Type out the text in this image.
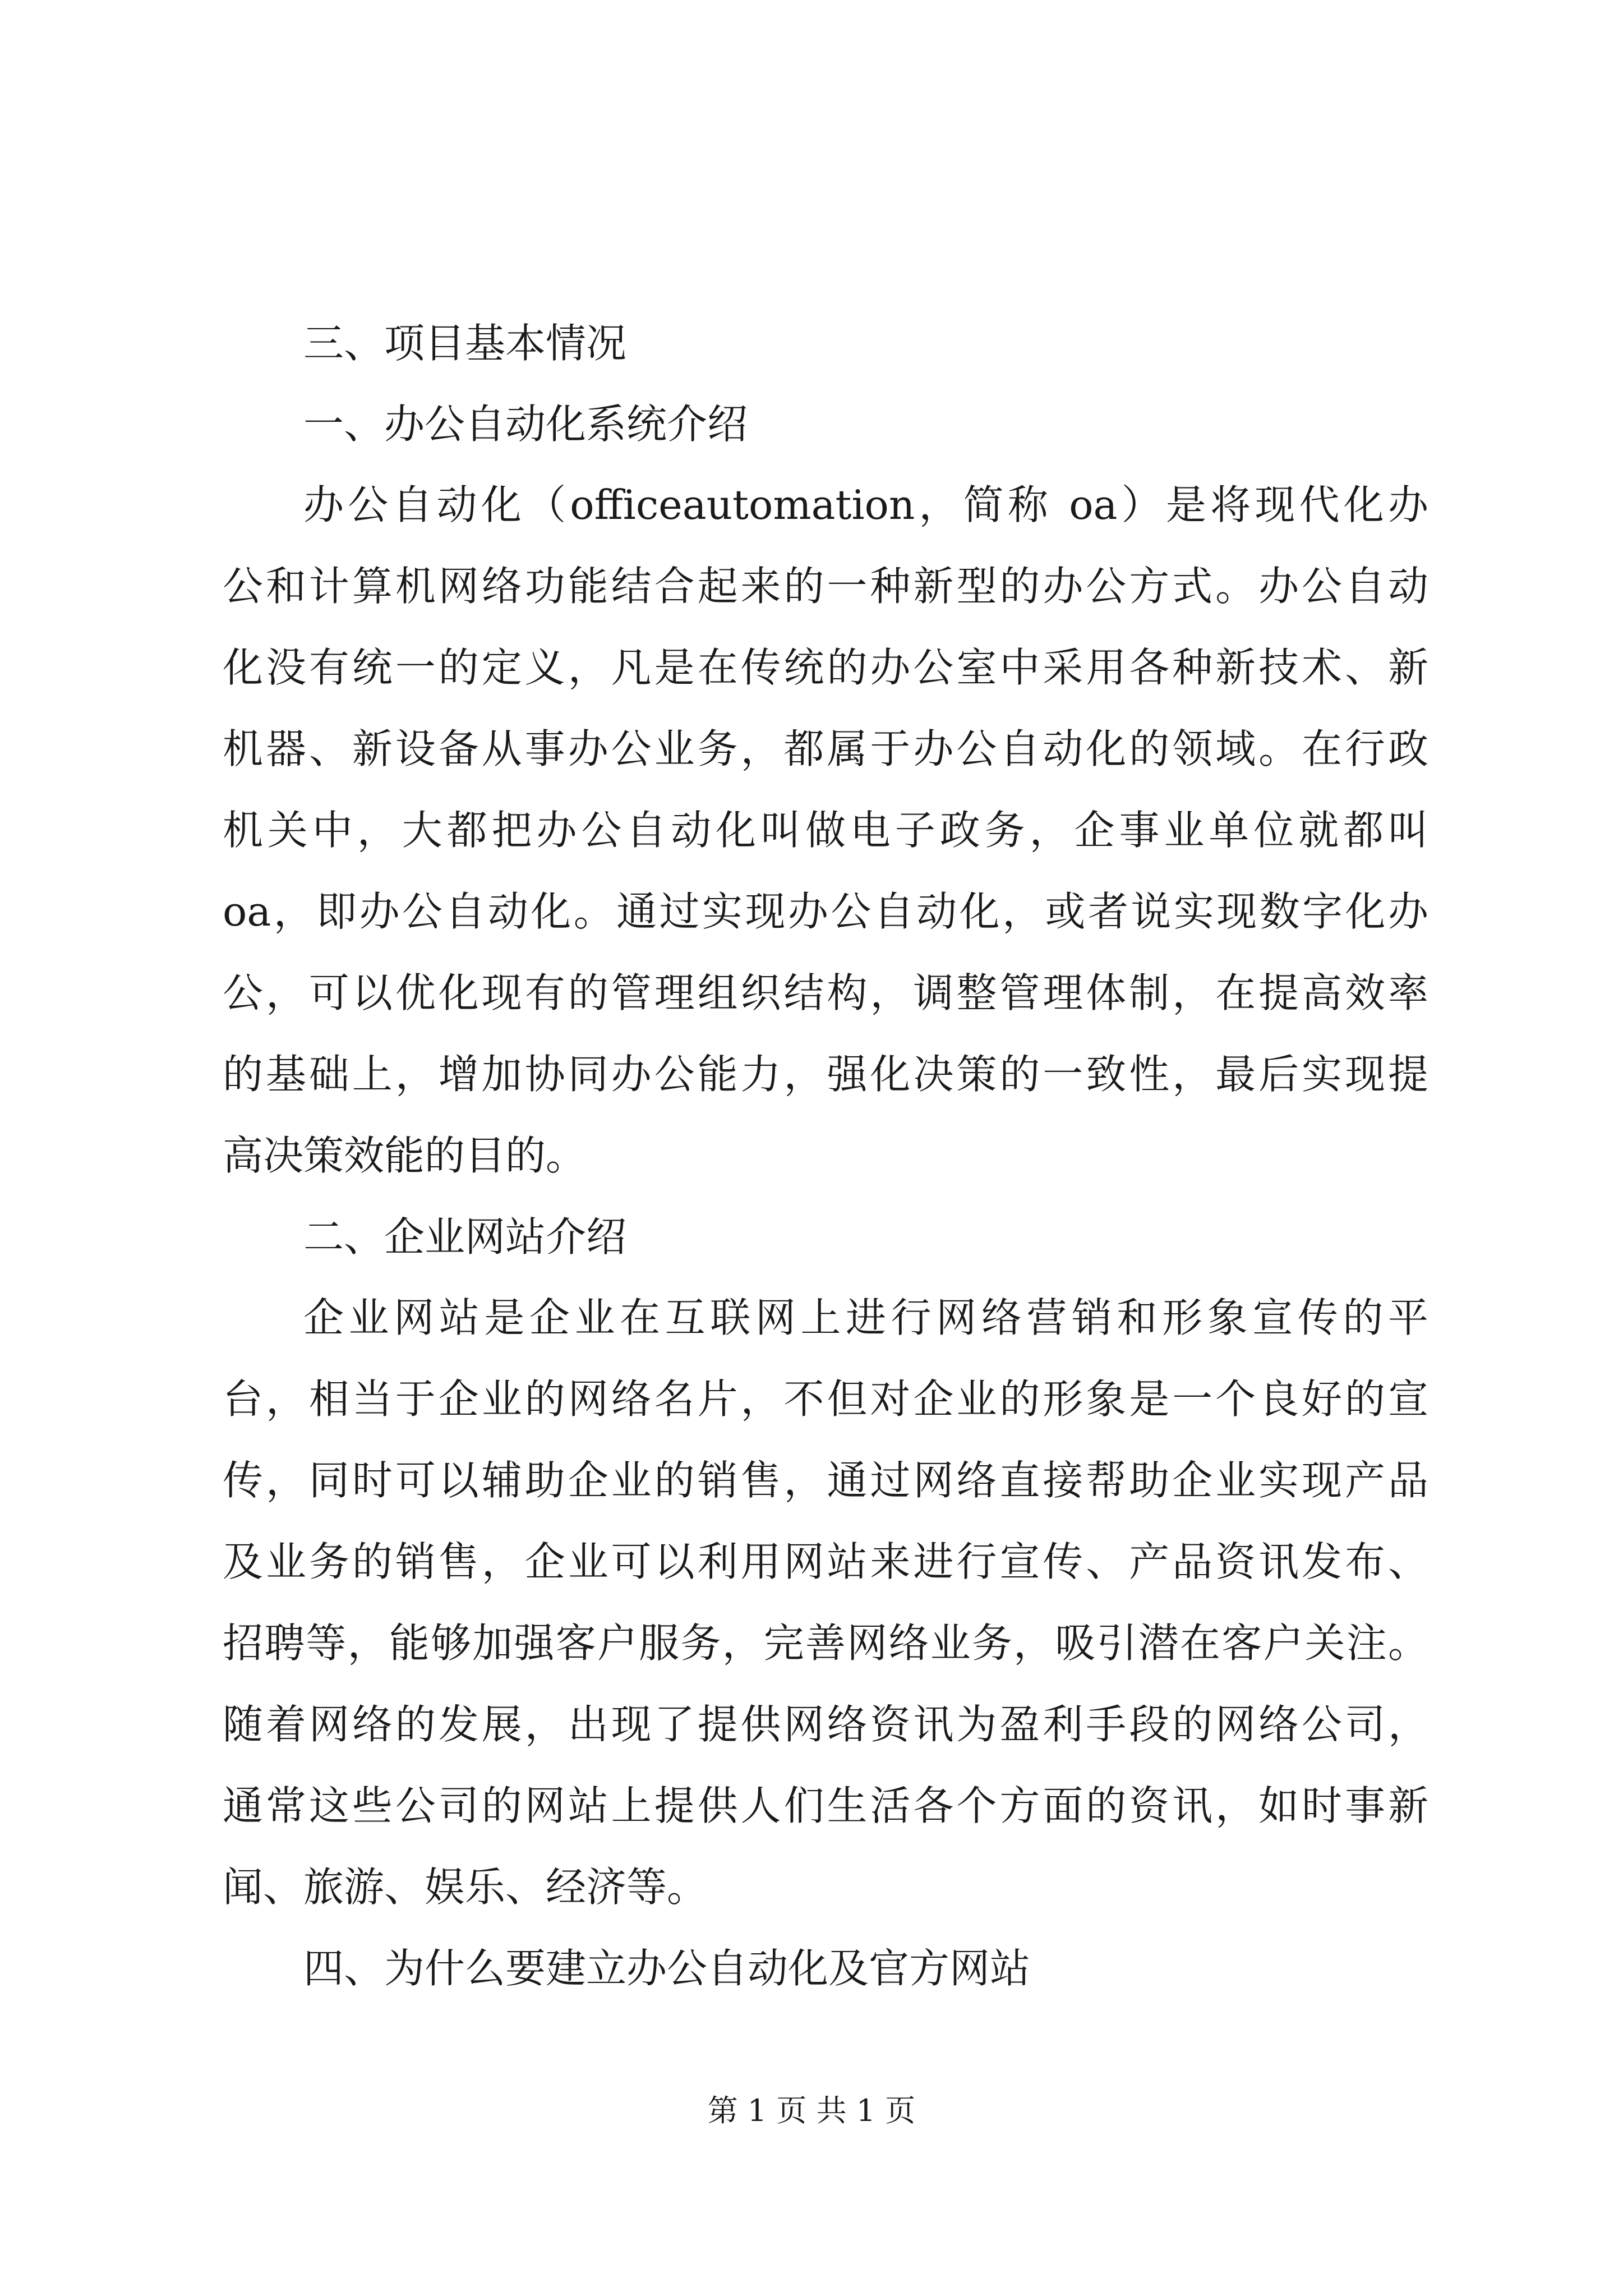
三、项目基本情况

一、办公自动化系统介绍

办公自动化（officeautomation，简称 oa）是将现代化办
公和计算机网络功能结合起来的一种新型的办公方式。办公自动
化没有统一的定义，凡是在传统的办公室中采用各种新技术、新
机器、新设备从事办公业务，都属于办公自动化的领域。在行政
机关中，大都把办公自动化叫做电子政务，企事业单位就都叫
oa，即办公自动化。通过实现办公自动化，或者说实现数字化办
公，可以优化现有的管理组织结构，调整管理体制，在提高效率
的基础上，增加协同办公能力，强化决策的一致性，最后实现提
高决策效能的目的。

二、企业网站介绍

企业网站是企业在互联网上进行网络营销和形象宣传的平
台，相当于企业的网络名片，不但对企业的形象是一个良好的宣
传，同时可以辅助企业的销售，通过网络直接帮助企业实现产品
及业务的销售，企业可以利用网站来进行宣传、产品资讯发布、
招聘等，能够加强客户服务，完善网络业务，吸引潜在客户关注。
随着网络的发展，出现了提供网络资讯为盈利手段的网络公司，
通常这些公司的网站上提供人们生活各个方面的资讯，如时事新
闻、旅游、娱乐、经济等。

四、为什么要建立办公自动化及官方网站

第 1 页 共 1 页
